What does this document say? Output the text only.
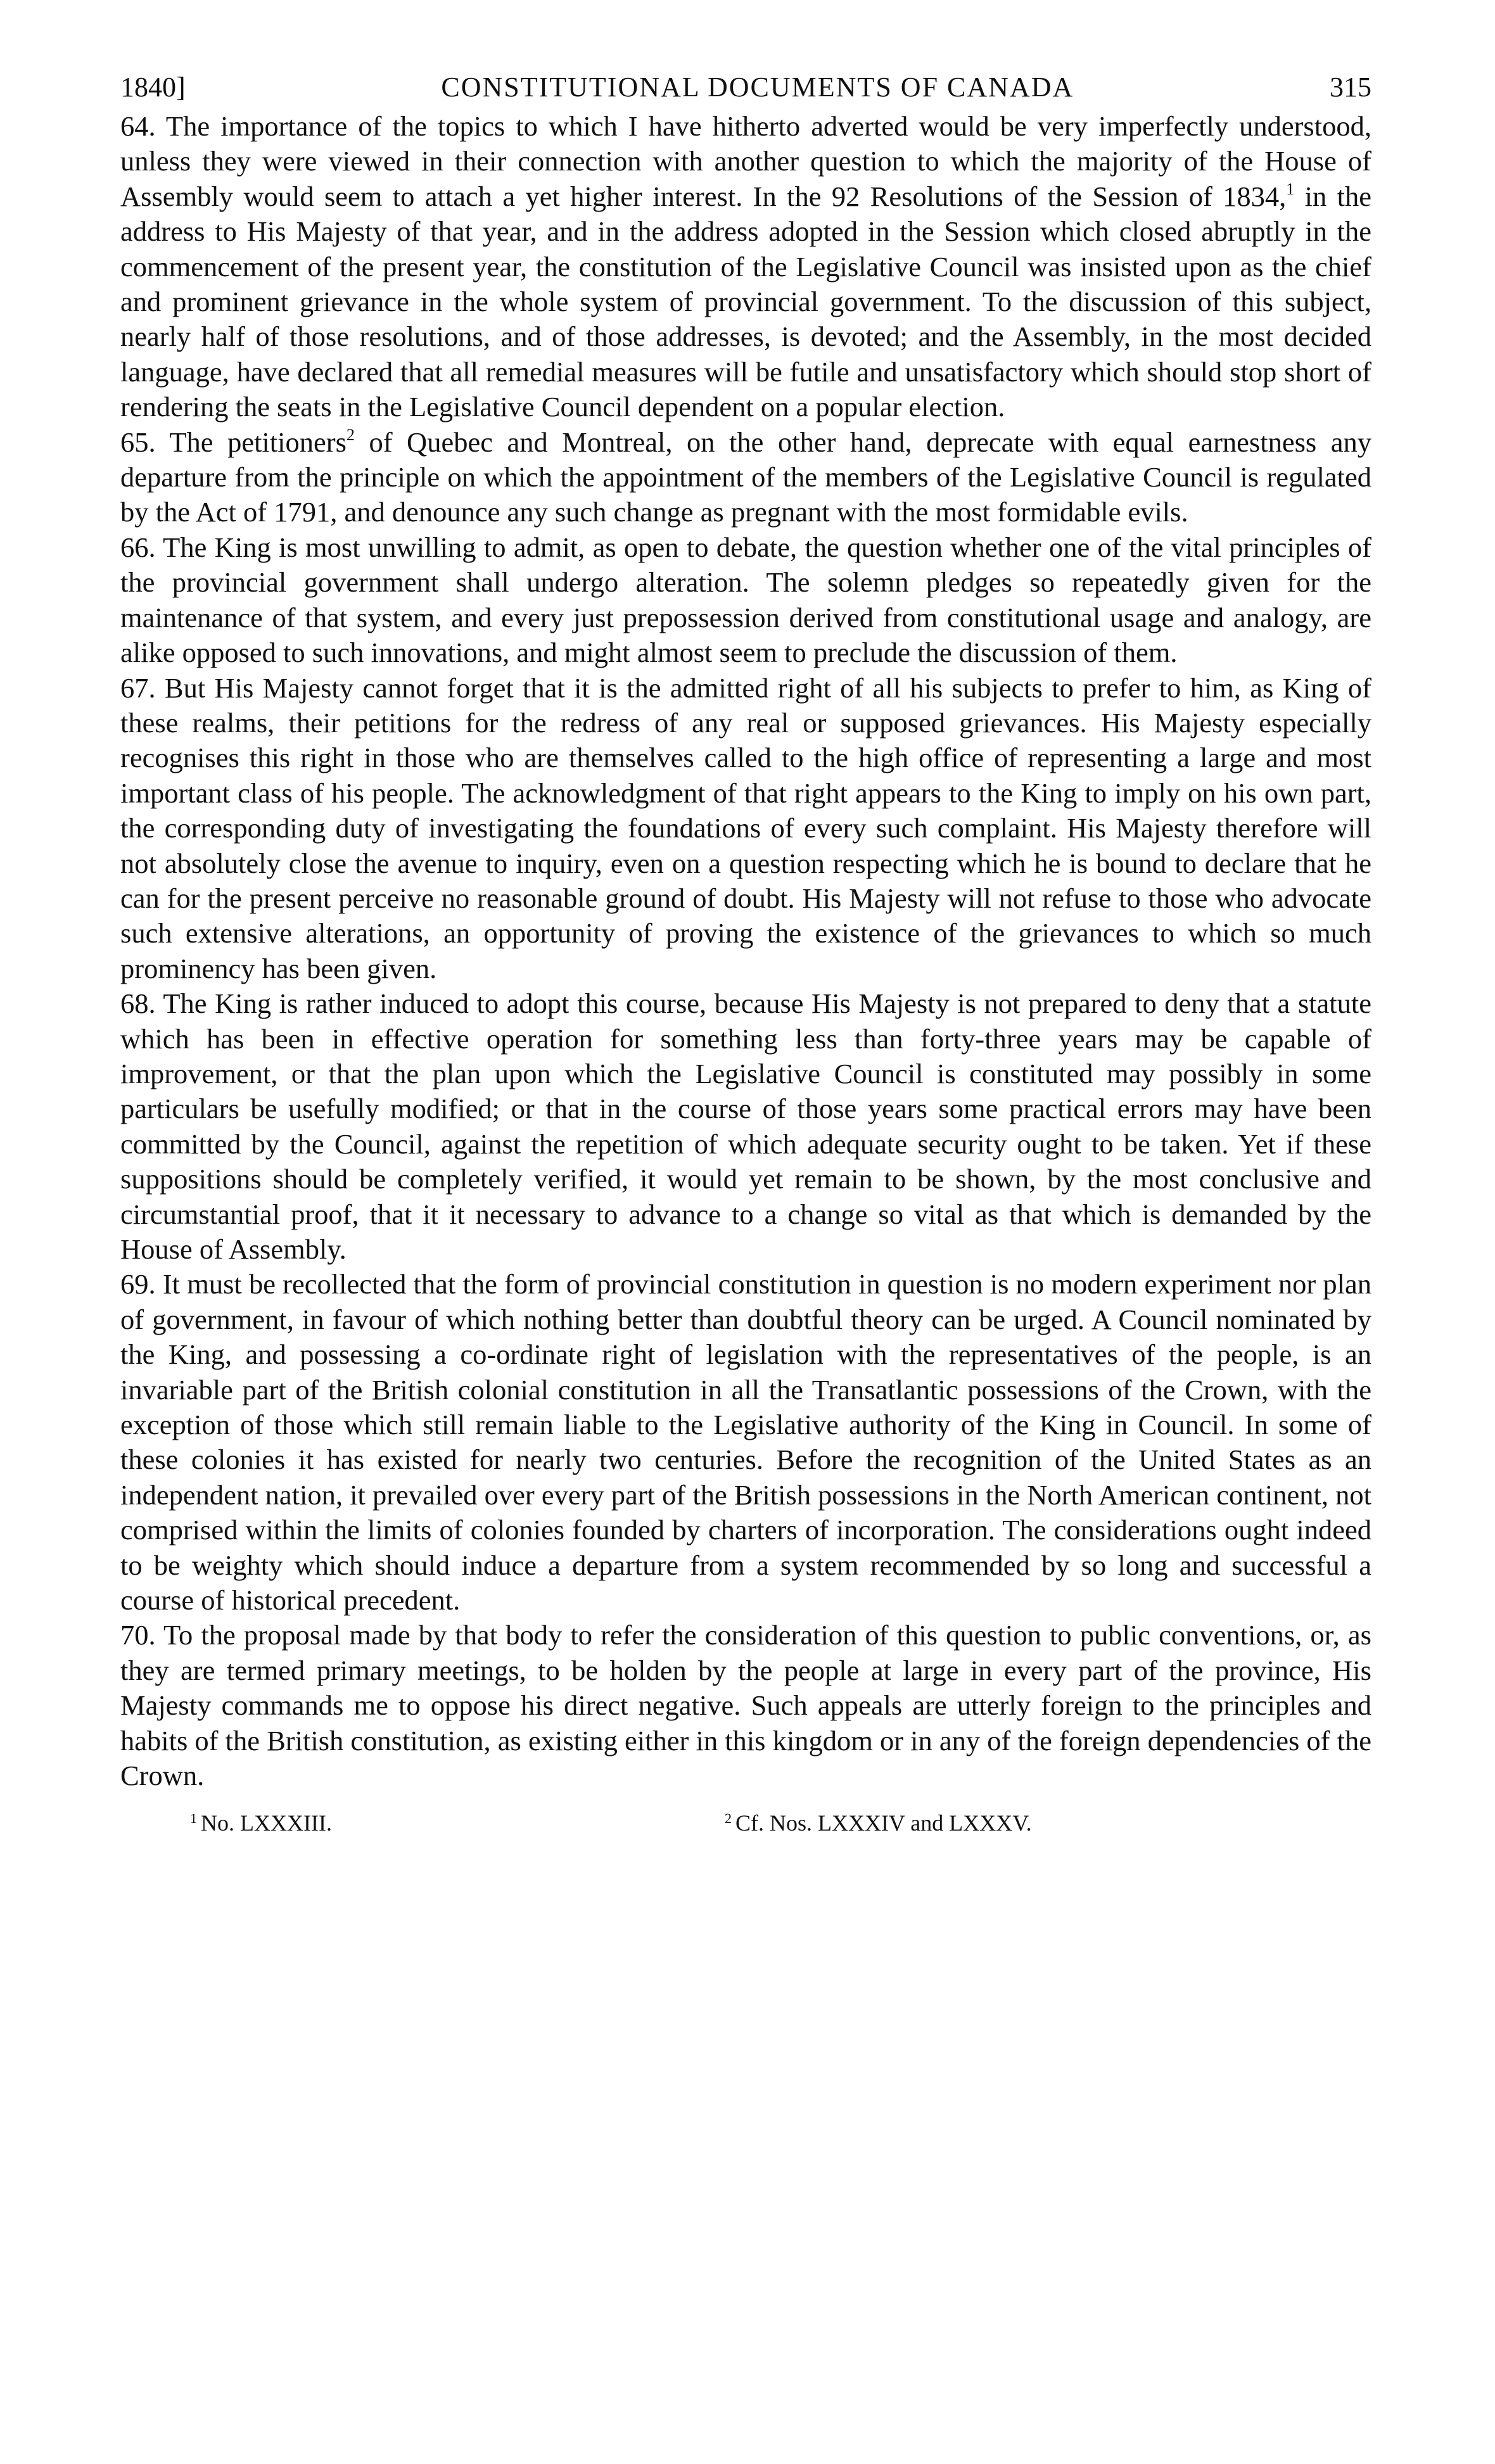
1840]	CONSTITUTIONAL DOCUMENTS OF CANADA	315

64. The importance of the topics to which I have hitherto adverted would be very imperfectly understood, unless they were viewed in their connection with another question to which the majority of the House of Assembly would seem to attach a yet higher interest. In the 92 Resolutions of the Session of 1834,$^1$ in the address to His Majesty of that year, and in the address adopted in the Session which closed abruptly in the commencement of the present year, the constitution of the Legislative Council was insisted upon as the chief and prominent grievance in the whole system of provincial government. To the discussion of this subject, nearly half of those resolutions, and of those addresses, is devoted; and the Assembly, in the most decided language, have declared that all remedial measures will be futile and unsatisfactory which should stop short of rendering the seats in the Legislative Council dependent on a popular election.

65. The petitioners$^2$ of Quebec and Montreal, on the other hand, deprecate with equal earnestness any departure from the principle on which the appointment of the members of the Legislative Council is regulated by the Act of 1791, and denounce any such change as pregnant with the most formidable evils.

66. The King is most unwilling to admit, as open to debate, the question whether one of the vital principles of the provincial government shall undergo alteration. The solemn pledges so repeatedly given for the maintenance of that system, and every just prepossession derived from constitutional usage and analogy, are alike opposed to such innovations, and might almost seem to preclude the discussion of them.

67. But His Majesty cannot forget that it is the admitted right of all his subjects to prefer to him, as King of these realms, their petitions for the redress of any real or supposed grievances. His Majesty especially recognises this right in those who are themselves called to the high office of representing a large and most important class of his people. The acknowledgment of that right appears to the King to imply on his own part, the corresponding duty of investigating the foundations of every such complaint. His Majesty therefore will not absolutely close the avenue to inquiry, even on a question respecting which he is bound to declare that he can for the present perceive no reasonable ground of doubt. His Majesty will not refuse to those who advocate such extensive alterations, an opportunity of proving the existence of the grievances to which so much prominency has been given.

68. The King is rather induced to adopt this course, because His Majesty is not prepared to deny that a statute which has been in effective operation for something less than forty-three years may be capable of improvement, or that the plan upon which the Legislative Council is constituted may possibly in some particulars be usefully modified; or that in the course of those years some practical errors may have been committed by the Council, against the repetition of which adequate security ought to be taken. Yet if these suppositions should be completely verified, it would yet remain to be shown, by the most conclusive and circumstantial proof, that it it necessary to advance to a change so vital as that which is demanded by the House of Assembly.

69. It must be recollected that the form of provincial constitution in question is no modern experiment nor plan of government, in favour of which nothing better than doubtful theory can be urged. A Council nominated by the King, and possessing a co-ordinate right of legislation with the representatives of the people, is an invariable part of the British colonial constitution in all the Transatlantic possessions of the Crown, with the exception of those which still remain liable to the Legislative authority of the King in Council. In some of these colonies it has existed for nearly two centuries. Before the recognition of the United States as an independent nation, it prevailed over every part of the British possessions in the North American continent, not comprised within the limits of colonies founded by charters of incorporation. The considerations ought indeed to be weighty which should induce a departure from a system recommended by so long and successful a course of historical precedent.

70. To the proposal made by that body to refer the consideration of this question to public conventions, or, as they are termed primary meetings, to be holden by the people at large in every part of the province, His Majesty commands me to oppose his direct negative. Such appeals are utterly foreign to the principles and habits of the British constitution, as existing either in this kingdom or in any of the foreign dependencies of the Crown.

$^1$ No. LXXXIII.	$^2$ Cf. Nos. LXXXIV and LXXXV.
